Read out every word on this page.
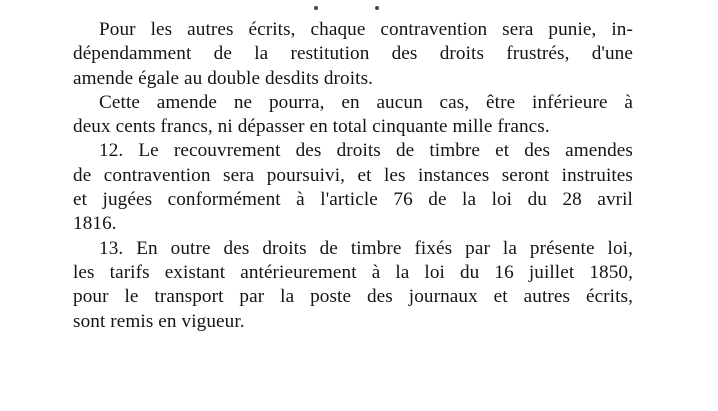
Pour les autres écrits, chaque contravention sera punie, in-
dépendamment de la restitution des droits frustrés, d'une
amende égale au double desdits droits.
Cette amende ne pourra, en aucun cas, être inférieure à
deux cents francs, ni dépasser en total cinquante mille francs.
12. Le recouvrement des droits de timbre et des amendes
de contravention sera poursuivi, et les instances seront instruites
et jugées conformément à l'article 76 de la loi du 28 avril
1816.
13. En outre des droits de timbre fixés par la présente loi,
les tarifs existant antérieurement à la loi du 16 juillet 1850,
pour le transport par la poste des journaux et autres écrits,
sont remis en vigueur.
